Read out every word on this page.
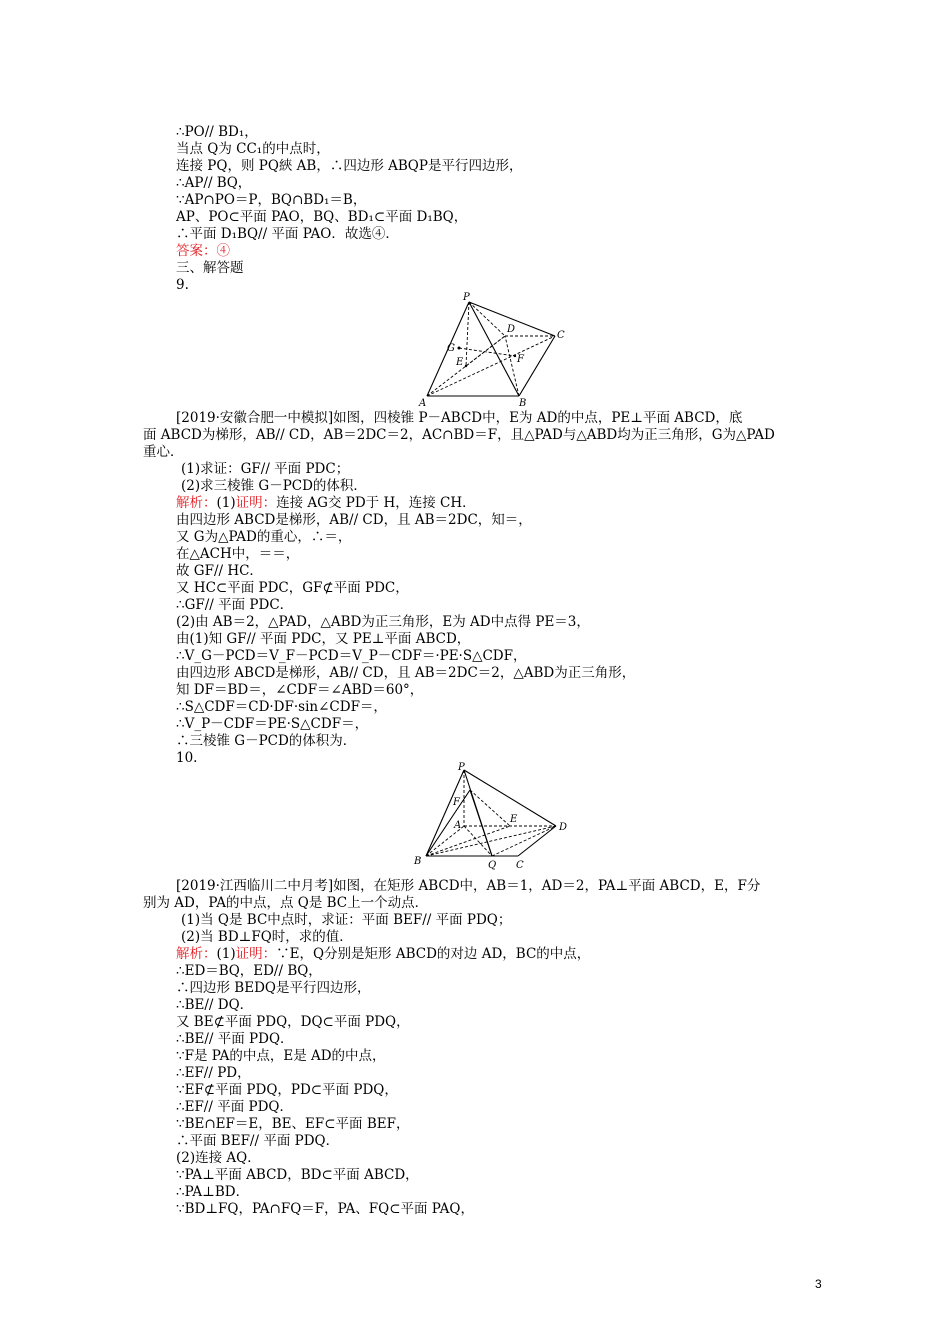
∴PO// BD₁，
当点 Q为 CC₁的中点时，
连接 PQ，则 PQ綊 AB，∴四边形 ABQP是平行四边形，
∴AP// BQ，
∵AP∩PO＝P，BQ∩BD₁＝B，
AP、PO⊂平面 PAO，BQ、BD₁⊂平面 D₁BQ，
∴平面 D₁BQ// 平面 PAO．故选④．
答案：④
三、解答题
9.
P
D
C
G
E	F
A	B
[2019·安徽合肥一中模拟]如图，四棱锥 P－ABCD中，E为 AD的中点，PE⊥平面 ABCD，底
面 ABCD为梯形，AB// CD，AB＝2DC＝2，AC∩BD＝F，且△PAD与△ABD均为正三角形，G为△PAD
重心．
(1)求证：GF// 平面 PDC；
(2)求三棱锥 G－PCD的体积．
解析：(1)证明：连接 AG交 PD于 H，连接 CH．
由四边形 ABCD是梯形，AB// CD，且 AB＝2DC，知＝，
又 G为△PAD的重心，∴＝，
在△ACH中，＝＝，
故 GF// HC．
又 HC⊂平面 PDC，GF⊄平面 PDC，
∴GF// 平面 PDC．
(2)由 AB＝2，△PAD，△ABD为正三角形，E为 AD中点得 PE＝3，
由(1)知 GF// 平面 PDC，又 PE⊥平面 ABCD，
∴V_G－PCD＝V_F－PCD＝V_P－CDF＝·PE·S△CDF，
由四边形 ABCD是梯形，AB// CD，且 AB＝2DC＝2，△ABD为正三角形，
知 DF＝BD＝，∠CDF＝∠ABD＝60°，
∴S△CDF＝CD·DF·sin∠CDF＝，
∴V_P－CDF＝PE·S△CDF＝，
∴三棱锥 G－PCD的体积为．
10.
P
F
A
E
D
B	Q C
[2019·江西临川二中月考]如图，在矩形 ABCD中，AB＝1，AD＝2，PA⊥平面 ABCD，E，F分
别为 AD，PA的中点，点 Q是 BC上一个动点．
(1)当 Q是 BC中点时，求证：平面 BEF// 平面 PDQ；
(2)当 BD⊥FQ时，求的值．
解析：(1)证明：∵E，Q分别是矩形 ABCD的对边 AD，BC的中点，
∴ED＝BQ，ED// BQ，
∴四边形 BEDQ是平行四边形，
∴BE// DQ．
又 BE⊄平面 PDQ，DQ⊂平面 PDQ，
∴BE// 平面 PDQ．
∵F是 PA的中点，E是 AD的中点，
∴EF// PD，
∵EF⊄平面 PDQ，PD⊂平面 PDQ，
∴EF// 平面 PDQ．
∵BE∩EF＝E，BE、EF⊂平面 BEF，
∴平面 BEF// 平面 PDQ．
(2)连接 AQ．
∵PA⊥平面 ABCD，BD⊂平面 ABCD，
∴PA⊥BD．
∵BD⊥FQ，PA∩FQ＝F，PA、FQ⊂平面 PAQ，
3
